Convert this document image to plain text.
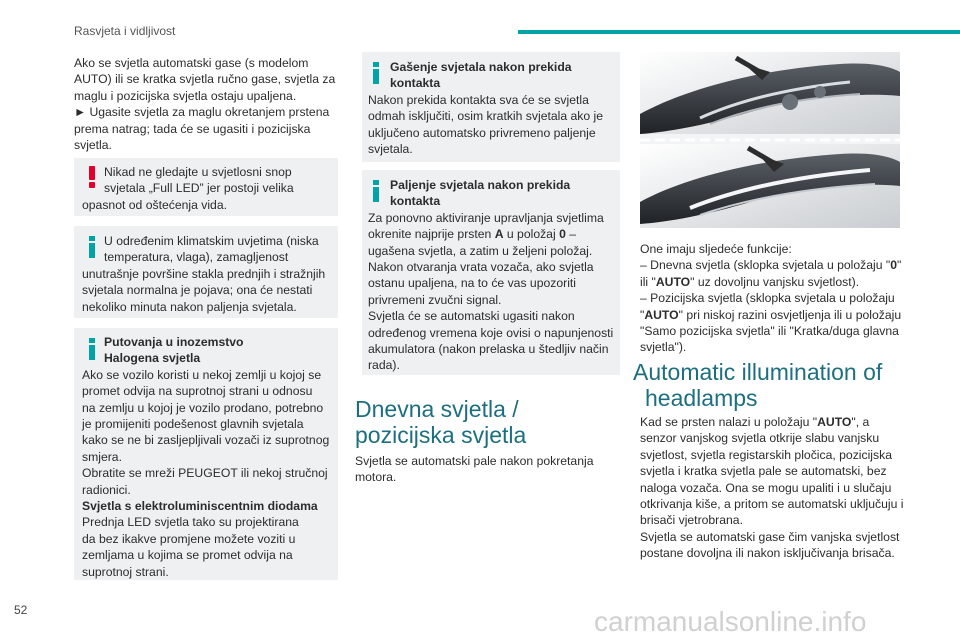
Rasvjeta i vidljivost

Ako se svjetla automatski gase (s modelom

AUTO) ili se kratka svjetla ručno gase, svjetla za

maglu i pozicijska svjetla ostaju upaljena.

► Ugasite svjetla za maglu okretanjem prstena

prema natrag; tada će se ugasiti i pozicijska

svjetla.

Nikad ne gledajte u svjetlosni snop

svjetala „Full LED” jer postoji velika

opasnot od oštećenja vida.

U određenim klimatskim uvjetima (niska

temperatura, vlaga), zamagljenost

unutrašnje površine stakla prednjih i stražnjih

svjetala normalna je pojava; ona će nestati

nekoliko minuta nakon paljenja svjetala.

Putovanja u inozemstvo

Halogena svjetla

Ako se vozilo koristi u nekoj zemlji u kojoj se

promet odvija na suprotnoj strani u odnosu

na zemlju u kojoj je vozilo prodano, potrebno

je promijeniti podešenost glavnih svjetala

kako se ne bi zasljepljivali vozači iz suprotnog

smjera.

Obratite se mreži PEUGEOT ili nekoj stručnoj

radionici.

Svjetla s elektroluminiscentnim diodama

Prednja LED svjetla tako su projektirana

da bez ikakve promjene možete voziti u

zemljama u kojima se promet odvija na

suprotnoj strani.

Gašenje svjetala nakon prekida

kontakta

Nakon prekida kontakta sva će se svjetla

odmah isključiti, osim kratkih svjetala ako je

uključeno automatsko privremeno paljenje

svjetala.

Paljenje svjetala nakon prekida

kontakta

Za ponovno aktiviranje upravljanja svjetlima

okrenite najprije prsten A u položaj 0 –

ugašena svjetla, a zatim u željeni položaj.

Nakon otvaranja vrata vozača, ako svjetla

ostanu upaljena, na to će vas upozoriti

privremeni zvučni signal.

Svjetla će se automatski ugasiti nakon

određenog vremena koje ovisi o napunjenosti

akumulatora (nakon prelaska u štedljiv način

rada).

Dnevna svjetla /
pozicijska svjetla

Svjetla se automatski pale nakon pokretanja

motora.

One imaju sljedeće funkcije:

– Dnevna svjetla (sklopka svjetala u položaju "0"

ili "AUTO" uz dovoljnu vanjsku svjetlost).

– Pozicijska svjetla (sklopka svjetala u položaju

"AUTO" pri niskoj razini osvjetljenja ili u položaju

"Samo pozicijska svjetla" ili "Kratka/duga glavna

svjetla").

Automatic illumination of
headlamps

Kad se prsten nalazi u položaju "AUTO", a

senzor vanjskog svjetla otkrije slabu vanjsku

svjetlost, svjetla registarskih pločica, pozicijska

svjetla i kratka svjetla pale se automatski, bez

naloga vozača. Ona se mogu upaliti i u slučaju

otkrivanja kiše, a pritom se automatski uključuju i

brisači vjetrobrana.

Svjetla se automatski gase čim vanjska svjetlost

postane dovoljna ili nakon isključivanja brisača.

52	carmanualsonline.info
